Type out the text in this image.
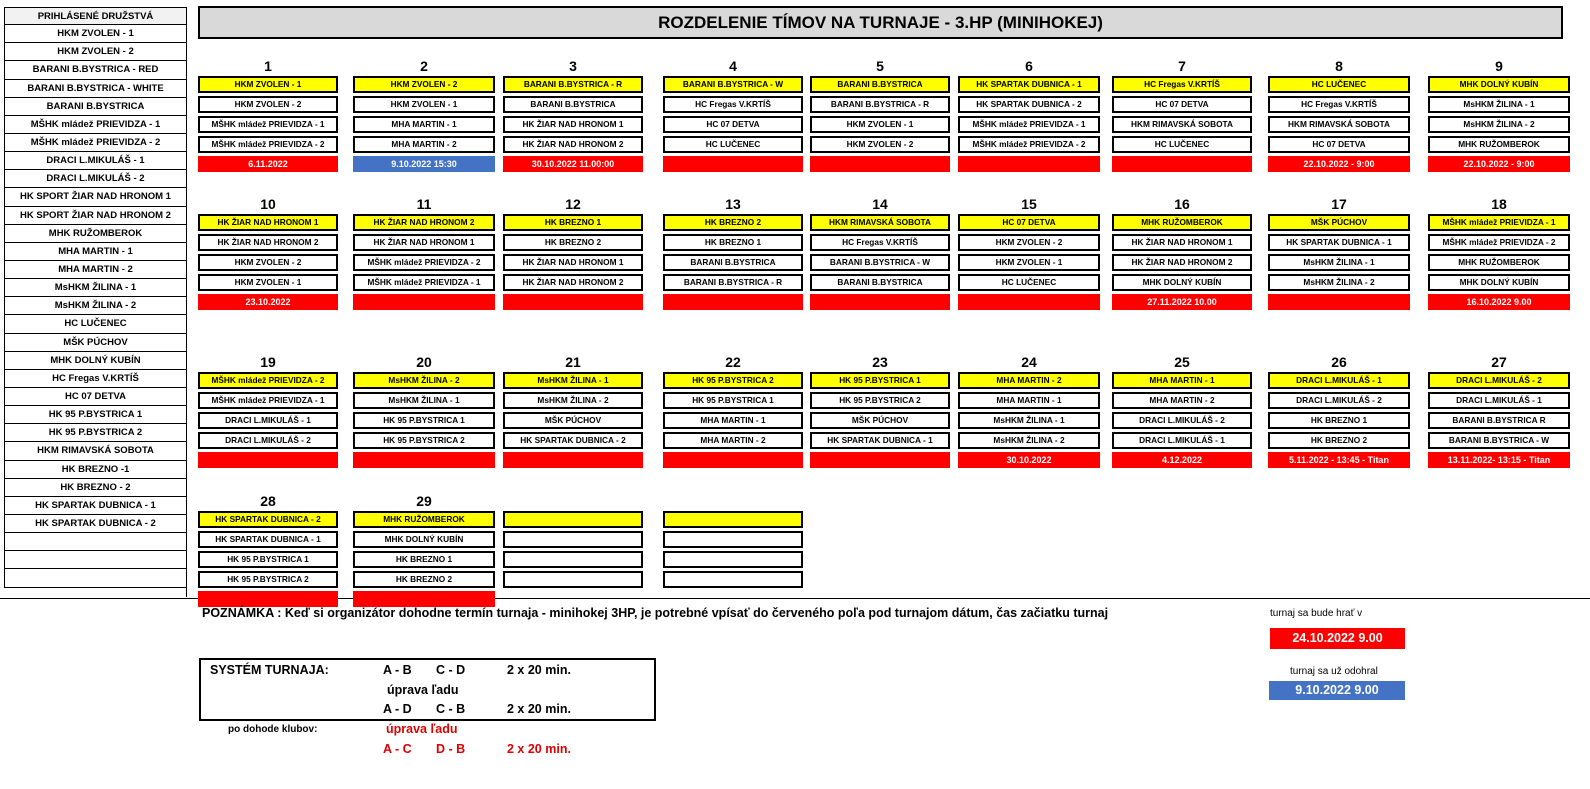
PRIHLÁSENÉ DRUŽSTVÁ
HKM ZVOLEN - 1
HKM ZVOLEN - 2
BARANI B.BYSTRICA - RED
BARANI B.BYSTRICA - WHITE
BARANI B.BYSTRICA
MŠHK mládež PRIEVIDZA - 1
MŠHK mládež PRIEVIDZA - 2
DRACI L.MIKULÁŠ - 1
DRACI L.MIKULÁŠ - 2
HK SPORT ŽIAR NAD HRONOM 1
HK SPORT ŽIAR NAD HRONOM 2
MHK RUŽOMBEROK
MHA MARTIN - 1
MHA MARTIN - 2
MsHKM ŽILINA - 1
MsHKM ŽILINA - 2
HC LUČENEC
MŠK PÚCHOV
MHK DOLNÝ KUBÍN
HC Fregas V.KRTÍŠ
HC 07 DETVA
HK 95 P.BYSTRICA 1
HK 95 P.BYSTRICA 2
HKM RIMAVSKÁ SOBOTA
HK BREZNO -1
HK BREZNO - 2
HK SPARTAK DUBNICA - 1
HK SPARTAK DUBNICA - 2
ROZDELENIE TÍMOV NA TURNAJE - 3.HP (MINIHOKEJ)
1
HKM ZVOLEN - 1
HKM ZVOLEN - 2
MŠHK mládež PRIEVIDZA - 1
MŠHK mládež PRIEVIDZA - 2
6.11.2022
2
HKM ZVOLEN - 2
HKM ZVOLEN - 1
MHA MARTIN - 1
MHA MARTIN - 2
9.10.2022 15:30
3
BARANI B.BYSTRICA - R
BARANI B.BYSTRICA
HK ŽIAR NAD HRONOM 1
HK ŽIAR NAD HRONOM 2
30.10.2022 11.00:00
4
BARANI B.BYSTRICA - W
HC Fregas V.KRTÍŠ
HC 07 DETVA
HC LUČENEC
5
BARANI B.BYSTRICA
BARANI B.BYSTRICA - R
HKM ZVOLEN - 1
HKM ZVOLEN - 2
6
HK SPARTAK DUBNICA - 1
HK SPARTAK DUBNICA - 2
MŠHK mládež PRIEVIDZA - 1
MŠHK mládež PRIEVIDZA - 2
7
HC Fregas V.KRTÍŠ
HC 07 DETVA
HKM RIMAVSKÁ SOBOTA
HC LUČENEC
8
HC LUČENEC
HC Fregas V.KRTÍŠ
HKM RIMAVSKÁ SOBOTA
HC 07 DETVA
22.10.2022 - 9:00
9
MHK DOLNÝ KUBÍN
MsHKM ŽILINA - 1
MsHKM ŽILINA - 2
MHK RUŽOMBEROK
22.10.2022 - 9:00
10
HK ŽIAR NAD HRONOM 1
HK ŽIAR NAD HRONOM 2
HKM ZVOLEN - 2
HKM ZVOLEN - 1
23.10.2022
11
HK ŽIAR NAD HRONOM 2
HK ŽIAR NAD HRONOM 1
MŠHK mládež PRIEVIDZA - 2
MŠHK mládež PRIEVIDZA - 1
12
HK BREZNO 1
HK BREZNO 2
HK ŽIAR NAD HRONOM 1
HK ŽIAR NAD HRONOM 2
13
HK BREZNO 2
HK BREZNO 1
BARANI B.BYSTRICA
BARANI B.BYSTRICA - R
14
HKM RIMAVSKÁ SOBOTA
HC Fregas V.KRTÍŠ
BARANI B.BYSTRICA - W
BARANI B.BYSTRICA
15
HC 07 DETVA
HKM ZVOLEN - 2
HKM ZVOLEN - 1
HC LUČENEC
16
MHK RUŽOMBEROK
HK ŽIAR NAD HRONOM 1
HK ŽIAR NAD HRONOM 2
MHK DOLNÝ KUBÍN
27.11.2022 10.00
17
MŠK PÚCHOV
HK SPARTAK DUBNICA - 1
MsHKM ŽILINA - 1
MsHKM ŽILINA - 2
18
MŠHK mládež PRIEVIDZA - 1
MŠHK mládež PRIEVIDZA - 2
MHK RUŽOMBEROK
MHK DOLNÝ KUBÍN
16.10.2022 9.00
19
MŠHK mládež PRIEVIDZA - 2
MŠHK mládež PRIEVIDZA - 1
DRACI L.MIKULÁŠ - 1
DRACI L.MIKULÁŠ - 2
20
MsHKM ŽILINA - 2
MsHKM ŽILINA - 1
HK 95 P.BYSTRICA 1
HK 95 P.BYSTRICA 2
21
MsHKM ŽILINA - 1
MsHKM ŽILINA - 2
MŠK PÚCHOV
HK SPARTAK DUBNICA - 2
22
HK 95 P.BYSTRICA 2
HK 95 P.BYSTRICA 1
MHA MARTIN - 1
MHA MARTIN - 2
23
HK 95 P.BYSTRICA 1
HK 95 P.BYSTRICA 2
MŠK PÚCHOV
HK SPARTAK DUBNICA - 1
24
MHA MARTIN - 2
MHA MARTIN - 1
MsHKM ŽILINA - 1
MsHKM ŽILINA - 2
30.10.2022
25
MHA MARTIN - 1
MHA MARTIN - 2
DRACI L.MIKULÁŠ - 2
DRACI L.MIKULÁŠ - 1
4.12.2022
26
DRACI L.MIKULÁŠ - 1
DRACI L.MIKULÁŠ - 2
HK BREZNO 1
HK BREZNO 2
5.11.2022 - 13:45 - Titan
27
DRACI L.MIKULÁŠ - 2
DRACI L.MIKULÁŠ - 1
BARANI B.BYSTRICA R
BARANI B.BYSTRICA - W
13.11.2022- 13:15 - Titan
28
HK SPARTAK DUBNICA - 2
HK SPARTAK DUBNICA - 1
HK 95 P.BYSTRICA 1
HK 95 P.BYSTRICA 2
29
MHK RUŽOMBEROK
MHK DOLNÝ KUBÍN
HK BREZNO 1
HK BREZNO 2
POZNÁMKA : Keď si organizátor dohodne termín turnaja - minihokej 3HP, je potrebné vpísať do červeného poľa pod turnajom dátum, čas začiatku turnaj	turnaj sa bude hrať v
24.10.2022 9.00
turnaj sa už odohral
9.10.2022 9.00
SYSTÉM TURNAJA:	A - B C - D	2 x 20 min.
úprava ľadu
A - D C - B	2 x 20 min.
po dohode klubov:	úprava ľadu
A - C D - B	2 x 20 min.
